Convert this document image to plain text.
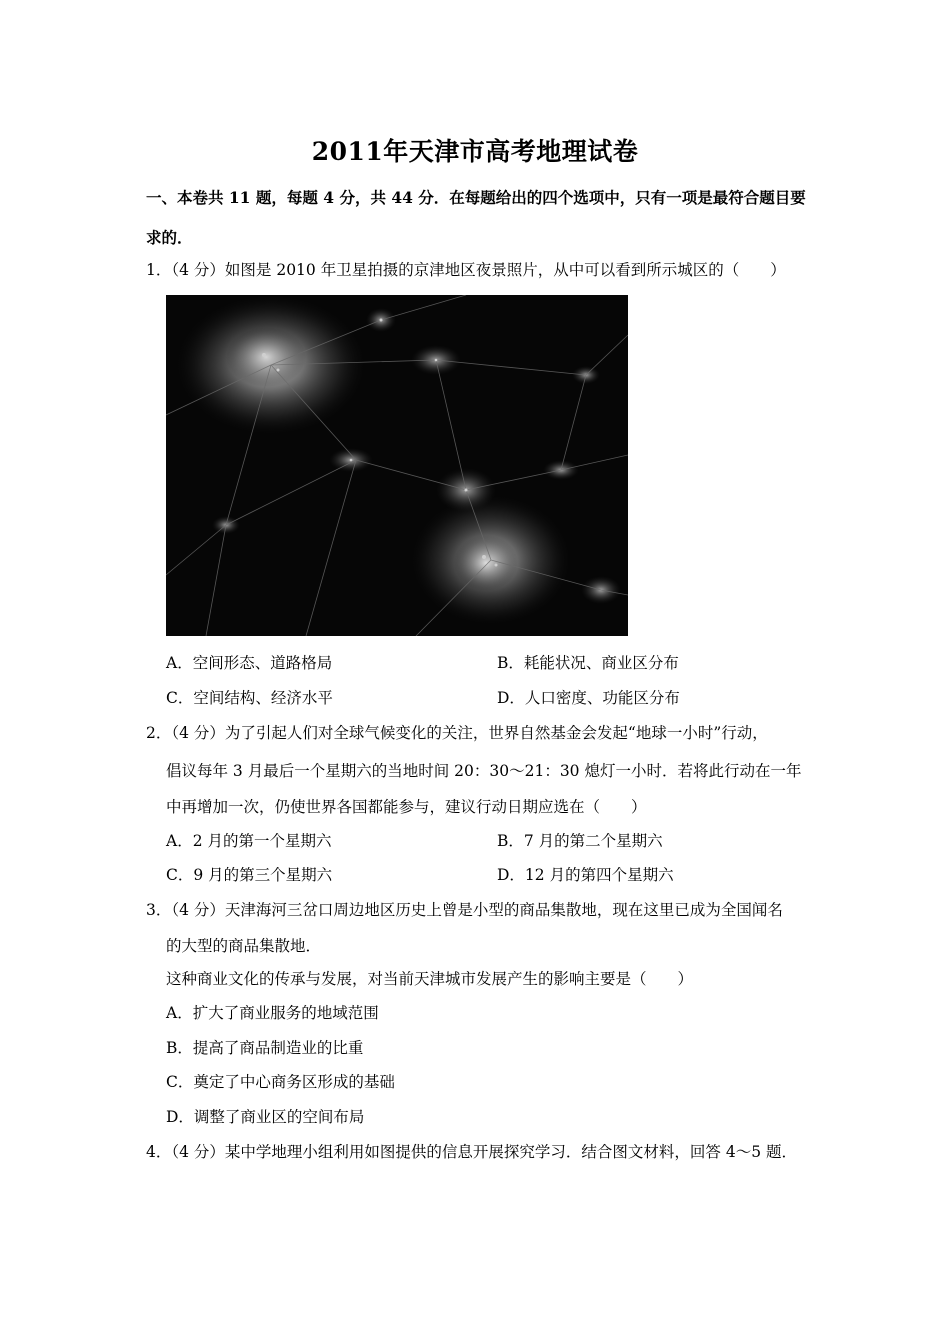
2011年天津市高考地理试卷
一、本卷共 11 题，每题 4 分，共 44 分．在每题给出的四个选项中，只有一项是最符合题目要
求的．
1．（4 分）如图是 2010 年卫星拍摄的京津地区夜景照片，从中可以看到所示城区的（　　）
A．空间形态、道路格局	B．耗能状况、商业区分布
C．空间结构、经济水平	D．人口密度、功能区分布
2．（4 分）为了引起人们对全球气候变化的关注，世界自然基金会发起“地球一小时”行动，
倡议每年 3 月最后一个星期六的当地时间 20：30～21：30 熄灯一小时．若将此行动在一年
中再增加一次，仍使世界各国都能参与，建议行动日期应选在（　　）
A．2 月的第一个星期六	B．7 月的第二个星期六
C．9 月的第三个星期六	D．12 月的第四个星期六
3．（4 分）天津海河三岔口周边地区历史上曾是小型的商品集散地，现在这里已成为全国闻名
的大型的商品集散地．
这种商业文化的传承与发展，对当前天津城市发展产生的影响主要是（　　）
A．扩大了商业服务的地域范围
B．提高了商品制造业的比重
C．奠定了中心商务区形成的基础
D．调整了商业区的空间布局
4．（4 分）某中学地理小组利用如图提供的信息开展探究学习．结合图文材料，回答 4～5 题．
